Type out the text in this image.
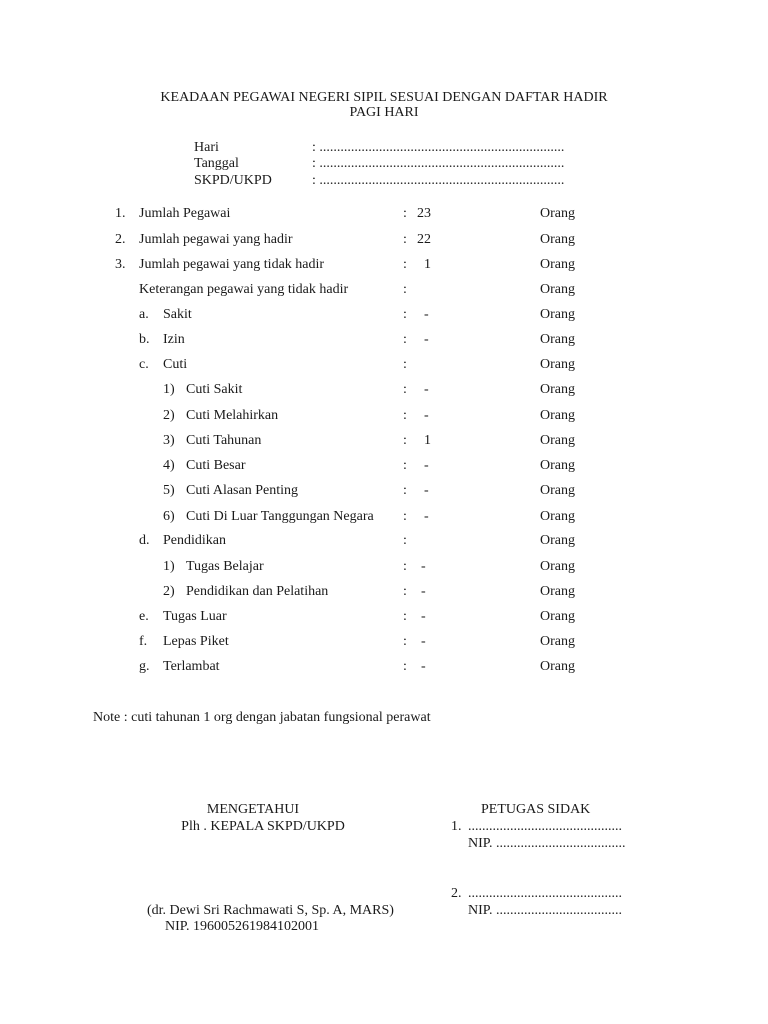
KEADAAN PEGAWAI NEGERI SIPIL SESUAI DENGAN DAFTAR HADIR
PAGI HARI
Hari	: ......................................................................
Tanggal	: ......................................................................
SKPD/UKPD	: ......................................................................
1. Jumlah Pegawai	: 23	Orang
2. Jumlah pegawai yang hadir	: 22	Orang
3. Jumlah pegawai yang tidak hadir	: 1	Orang
Keterangan pegawai yang tidak hadir	:	Orang
a. Sakit	: -	Orang
b. Izin	: -	Orang
c. Cuti	:	Orang
1) Cuti Sakit	: -	Orang
2) Cuti Melahirkan	: -	Orang
3) Cuti Tahunan	: 1	Orang
4) Cuti Besar	: -	Orang
5) Cuti Alasan Penting	: -	Orang
6) Cuti Di Luar Tanggungan Negara : -	Orang
d. Pendidikan	:	Orang
1) Tugas Belajar	: -	Orang
2) Pendidikan dan Pelatihan	: -	Orang
e. Tugas Luar	: -	Orang
f. Lepas Piket	: -	Orang
g. Terlambat	: -	Orang
Note : cuti tahunan 1 org dengan jabatan fungsional perawat
MENGETAHUI
Plh . KEPALA SKPD/UKPD
(dr. Dewi Sri Rachmawati S, Sp. A, MARS)
NIP. 196005261984102001
PETUGAS SIDAK
1. ............................................
NIP. .....................................
2. ............................................
NIP. ....................................
